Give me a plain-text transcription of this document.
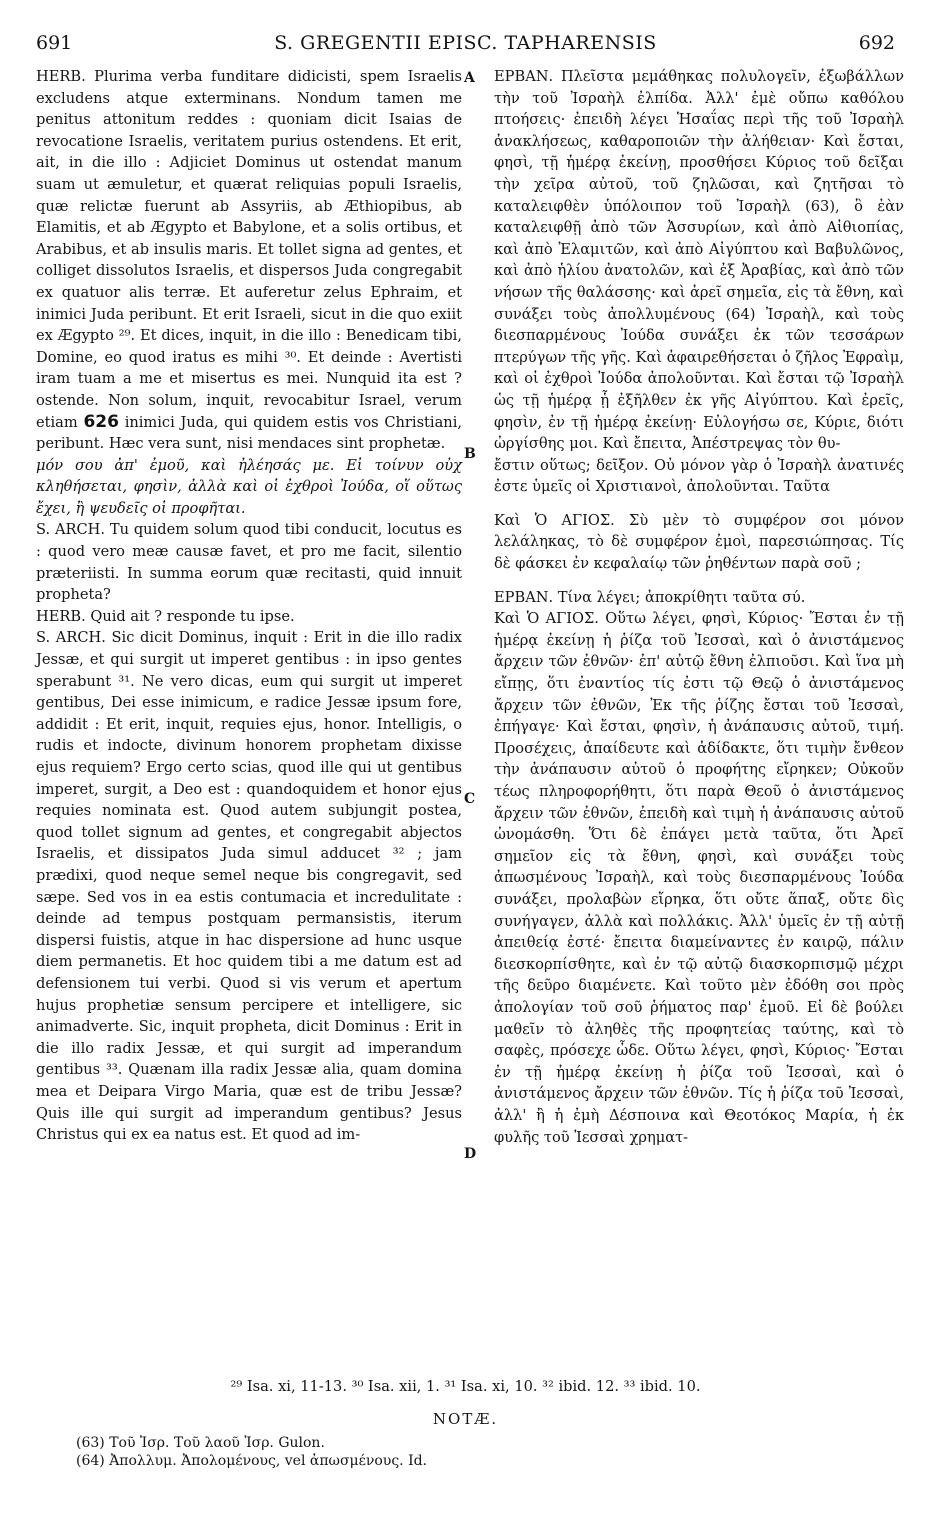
691	S. GREGENTII EPISC. TAPHARENSIS	692
A
B
C
D

HERB. Plurima verba funditare didicisti, spem Israelis excludens atque exterminans. Nondum tamen me penitus attonitum reddes : quoniam dicit Isaias de revocatione Israelis, veritatem purius ostendens. Et erit, ait, in die illo : Adjiciet Dominus ut ostendat manum suam ut æmuletur, et quærat reliquias populi Israelis, quæ relictæ fuerunt ab Assyriis, ab Æthiopibus, ab Elamitis, et ab Ægypto et Babylone, et a solis ortibus, et Arabibus, et ab insulis maris. Et tollet signa ad gentes, et colliget dissolutos Israelis, et dispersos Juda congregabit ex quatuor alis terræ. Et auferetur zelus Ephraim, et inimici Juda peribunt. Et erit Israeli, sicut in die quo exiit ex Ægypto ²⁹. Et dices, inquit, in die illo : Benedicam tibi, Domine, eo quod iratus es mihi ³⁰. Et deinde : Avertisti iram tuam a me et misertus es mei. Nunquid ita est ? ostende. Non solum, inquit, revocabitur Israel, verum etiam 626 inimici Juda, qui quidem estis vos Christiani, peribunt. Hæc vera sunt, nisi mendaces sint prophetæ.

μόν σου ἀπ' ἐμοῦ, καὶ ἠλέησάς με. Εἰ τοίνυν οὐχ κληθήσεται, φησὶν, ἀλλὰ καὶ οἱ ἐχθροὶ Ἰούδα, οἵ οὕτως ἔχει, ἢ ψευδεῖς οἱ προφῆται.

S. ARCH. Tu quidem solum quod tibi conducit, locutus es : quod vero meæ causæ favet, et pro me facit, silentio præteriisti. In summa eorum quæ recitasti, quid innuit propheta?

HERB. Quid ait ? responde tu ipse.

S. ARCH. Sic dicit Dominus, inquit : Erit in die illo radix Jessæ, et qui surgit ut imperet gentibus : in ipso gentes sperabunt ³¹. Ne vero dicas, eum qui surgit ut imperet gentibus, Dei esse inimicum, e radice Jessæ ipsum fore, addidit : Et erit, inquit, requies ejus, honor. Intelligis, o rudis et indocte, divinum honorem prophetam dixisse ejus requiem? Ergo certo scias, quod ille qui ut gentibus imperet, surgit, a Deo est : quandoquidem et honor ejus requies nominata est. Quod autem subjungit postea, quod tollet signum ad gentes, et congregabit abjectos Israelis, et dissipatos Juda simul adducet ³² ; jam prædixi, quod neque semel neque bis congregavit, sed sæpe. Sed vos in ea estis contumacia et incredulitate : deinde ad tempus postquam permansistis, iterum dispersi fuistis, atque in hac dispersione ad hunc usque diem permanetis. Et hoc quidem tibi a me datum est ad defensionem tui verbi. Quod si vis verum et apertum hujus prophetiæ sensum percipere et intelligere, sic animadverte. Sic, inquit propheta, dicit Dominus : Erit in die illo radix Jessæ, et qui surgit ad imperandum gentibus ³³. Quænam illa radix Jessæ alia, quam domina mea et Deipara Virgo Maria, quæ est de tribu Jessæ? Quis ille qui surgit ad imperandum gentibus? Jesus Christus qui ex ea natus est. Et quod ad im-

ΕΡΒΑΝ. Πλεῖστα μεμάθηκας πολυλογεῖν, ἐξωβάλλων τὴν τοῦ Ἰσραὴλ ἐλπίδα. Ἀλλ' ἐμὲ οὔπω καθόλου πτοήσεις· ἐπειδὴ λέγει Ἡσαΐας περὶ τῆς τοῦ Ἰσραὴλ ἀνακλήσεως, καθαροποιῶν τὴν ἀλήθειαν· Καὶ ἔσται, φησὶ, τῇ ἡμέρᾳ ἐκείνῃ, προσθήσει Κύριος τοῦ δεῖξαι τὴν χεῖρα αὐτοῦ, τοῦ ζηλῶσαι, καὶ ζητῆσαι τὸ καταλειφθὲν ὑπόλοιπον τοῦ Ἰσραὴλ (63), ὃ ἐὰν καταλειφθῇ ἀπὸ τῶν Ἀσσυρίων, καὶ ἀπὸ Αἰθιοπίας, καὶ ἀπὸ Ἐλαμιτῶν, καὶ ἀπὸ Αἰγύπτου καὶ Βαβυλῶνος, καὶ ἀπὸ ἡλίου ἀνατολῶν, καὶ ἐξ Ἀραβίας, καὶ ἀπὸ τῶν νήσων τῆς θαλάσσης· καὶ ἀρεῖ σημεῖα, εἰς τὰ ἔθνη, καὶ συνάξει τοὺς ἀπολλυμένους (64) Ἰσραὴλ, καὶ τοὺς διεσπαρμένους Ἰούδα συνάξει ἐκ τῶν τεσσάρων πτερύγων τῆς γῆς. Καὶ ἀφαιρεθήσεται ὁ ζῆλος Ἐφραὶμ, καὶ οἱ ἐχθροὶ Ἰούδα ἀπολοῦνται. Καὶ ἔσται τῷ Ἰσραὴλ ὡς τῇ ἡμέρᾳ ᾗ ἐξῆλθεν ἐκ γῆς Αἰγύπτου. Καὶ ἐρεῖς, φησὶν, ἐν τῇ ἡμέρᾳ ἐκείνῃ· Εὐλογήσω σε, Κύριε, διότι ὠργίσθης μοι. Καὶ ἔπειτα, Ἀπέστρεψας τὸν θυ-

ἔστιν οὕτως; δεῖξον. Οὐ μόνον γὰρ ὁ Ἰσραὴλ ἀνατινές ἐστε ὑμεῖς οἱ Χριστιανοὶ, ἀπολοῦνται. Ταῦτα

Καὶ Ὁ ΑΓΙΟΣ. Σὺ μὲν τὸ συμφέρον σοι μόνον λελάληκας, τὸ δὲ συμφέρον ἐμοὶ, παρεσιώπησας. Τίς δὲ φάσκει ἐν κεφαλαίῳ τῶν ῥηθέντων παρὰ σοῦ ;

ΕΡΒΑΝ. Τίνα λέγει; ἀποκρίθητι ταῦτα σύ.

Καὶ Ὁ ΑΓΙΟΣ. Οὕτω λέγει, φησὶ, Κύριος· Ἔσται ἐν τῇ ἡμέρᾳ ἐκείνῃ ἡ ῥίζα τοῦ Ἰεσσαὶ, καὶ ὁ ἀνιστάμενος ἄρχειν τῶν ἐθνῶν· ἐπ' αὐτῷ ἔθνη ἐλπιοῦσι. Καὶ ἵνα μὴ εἴπῃς, ὅτι ἐναντίος τίς ἐστι τῷ Θεῷ ὁ ἀνιστάμενος ἄρχειν τῶν ἐθνῶν, Ἐκ τῆς ῥίζης ἔσται τοῦ Ἰεσσαὶ, ἐπήγαγε· Καὶ ἔσται, φησὶν, ἡ ἀνάπαυσις αὐτοῦ, τιμή. Προσέχεις, ἀπαίδευτε καὶ ἀδίδακτε, ὅτι τιμὴν ἔνθεον τὴν ἀνάπαυσιν αὐτοῦ ὁ προφήτης εἴρηκεν; Οὐκοῦν τέως πληροφορήθητι, ὅτι παρὰ Θεοῦ ὁ ἀνιστάμενος ἄρχειν τῶν ἐθνῶν, ἐπειδὴ καὶ τιμὴ ἡ ἀνάπαυσις αὐτοῦ ὠνομάσθη. Ὅτι δὲ ἐπάγει μετὰ ταῦτα, ὅτι Ἀρεῖ σημεῖον εἰς τὰ ἔθνη, φησὶ, καὶ συνάξει τοὺς ἀπωσμένους Ἰσραὴλ, καὶ τοὺς διεσπαρμένους Ἰούδα συνάξει, προλαβὼν εἴρηκα, ὅτι οὔτε ἅπαξ, οὔτε δὶς συνήγαγεν, ἀλλὰ καὶ πολλάκις. Ἀλλ' ὑμεῖς ἐν τῇ αὐτῇ ἀπειθείᾳ ἐστέ· ἔπειτα διαμείναντες ἐν καιρῷ, πάλιν διεσκορπίσθητε, καὶ ἐν τῷ αὐτῷ διασκορπισμῷ μέχρι τῆς δεῦρο διαμένετε. Καὶ τοῦτο μὲν ἐδόθη σοι πρὸς ἀπολογίαν τοῦ σοῦ ῥήματος παρ' ἐμοῦ. Εἰ δὲ βούλει μαθεῖν τὸ ἀληθὲς τῆς προφητείας ταύτης, καὶ τὸ σαφὲς, πρόσεχε ὧδε. Οὕτω λέγει, φησὶ, Κύριος· Ἔσται ἐν τῇ ἡμέρᾳ ἐκείνῃ ἡ ῥίζα τοῦ Ἰεσσαὶ, καὶ ὁ ἀνιστάμενος ἄρχειν τῶν ἐθνῶν. Τίς ἡ ῥίζα τοῦ Ἰεσσαὶ, ἀλλ' ἢ ἡ ἐμὴ Δέσποινα καὶ Θεοτόκος Μαρία, ἡ ἐκ φυλῆς τοῦ Ἰεσσαὶ χρηματ-

²⁹ Isa. xi, 11-13. ³⁰ Isa. xii, 1. ³¹ Isa. xi, 10. ³² ibid. 12. ³³ ibid. 10.
NOTÆ.

(63) Τοῦ Ἰσρ. Τοῦ λαοῦ Ἰσρ. Gulon.

(64) Ἀπολλυμ. Ἀπολομένους, vel ἀπωσμένους. Id.
